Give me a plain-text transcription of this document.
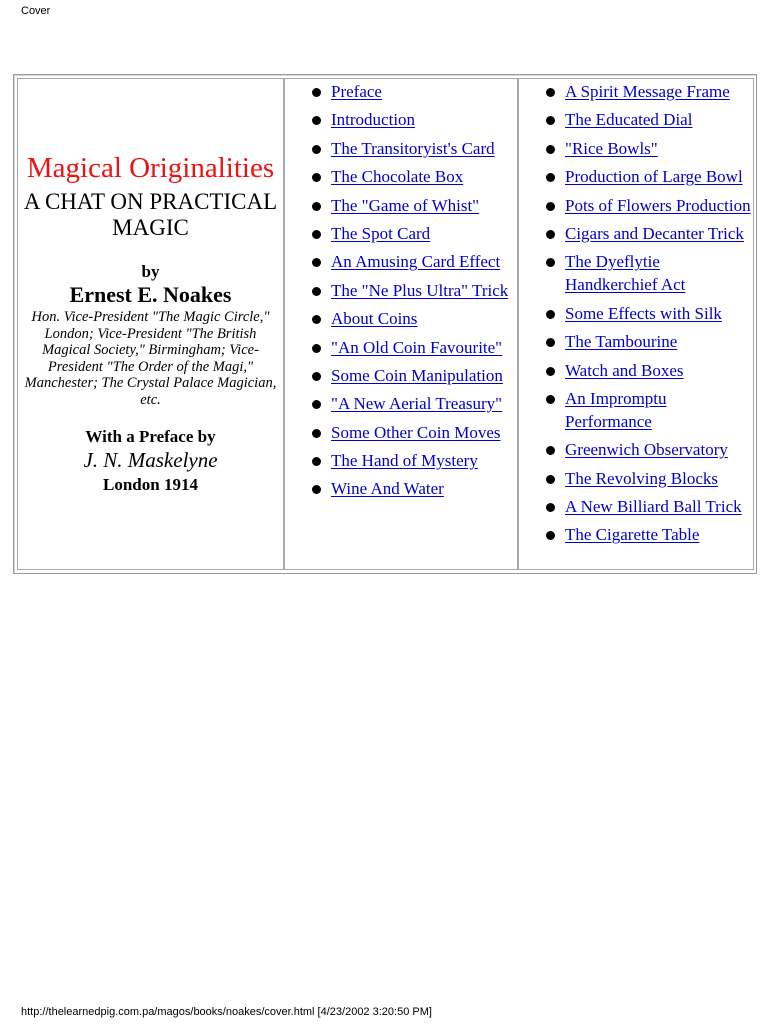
Cover
Magical Originalities
A CHAT ON PRACTICAL MAGIC
by
Ernest E. Noakes
Hon. Vice-President "The Magic Circle," London; Vice-President "The British Magical Society," Birmingham; Vice-President "The Order of the Magi," Manchester; The Crystal Palace Magician, etc.
With a Preface by
J. N. Maskelyne
London 1914
Preface
Introduction
The Transitoryist's Card
The Chocolate Box
The "Game of Whist"
The Spot Card
An Amusing Card Effect
The "Ne Plus Ultra" Trick
About Coins
"An Old Coin Favourite"
Some Coin Manipulation
"A New Aerial Treasury"
Some Other Coin Moves
The Hand of Mystery
Wine And Water
A Spirit Message Frame
The Educated Dial
"Rice Bowls"
Production of Large Bowl
Pots of Flowers Production
Cigars and Decanter Trick
The Dyeflytie Handkerchief Act
Some Effects with Silk
The Tambourine
Watch and Boxes
An Impromptu Performance
Greenwich Observatory
The Revolving Blocks
A New Billiard Ball Trick
The Cigarette Table
http://thelearnedpig.com.pa/magos/books/noakes/cover.html [4/23/2002 3:20:50 PM]
